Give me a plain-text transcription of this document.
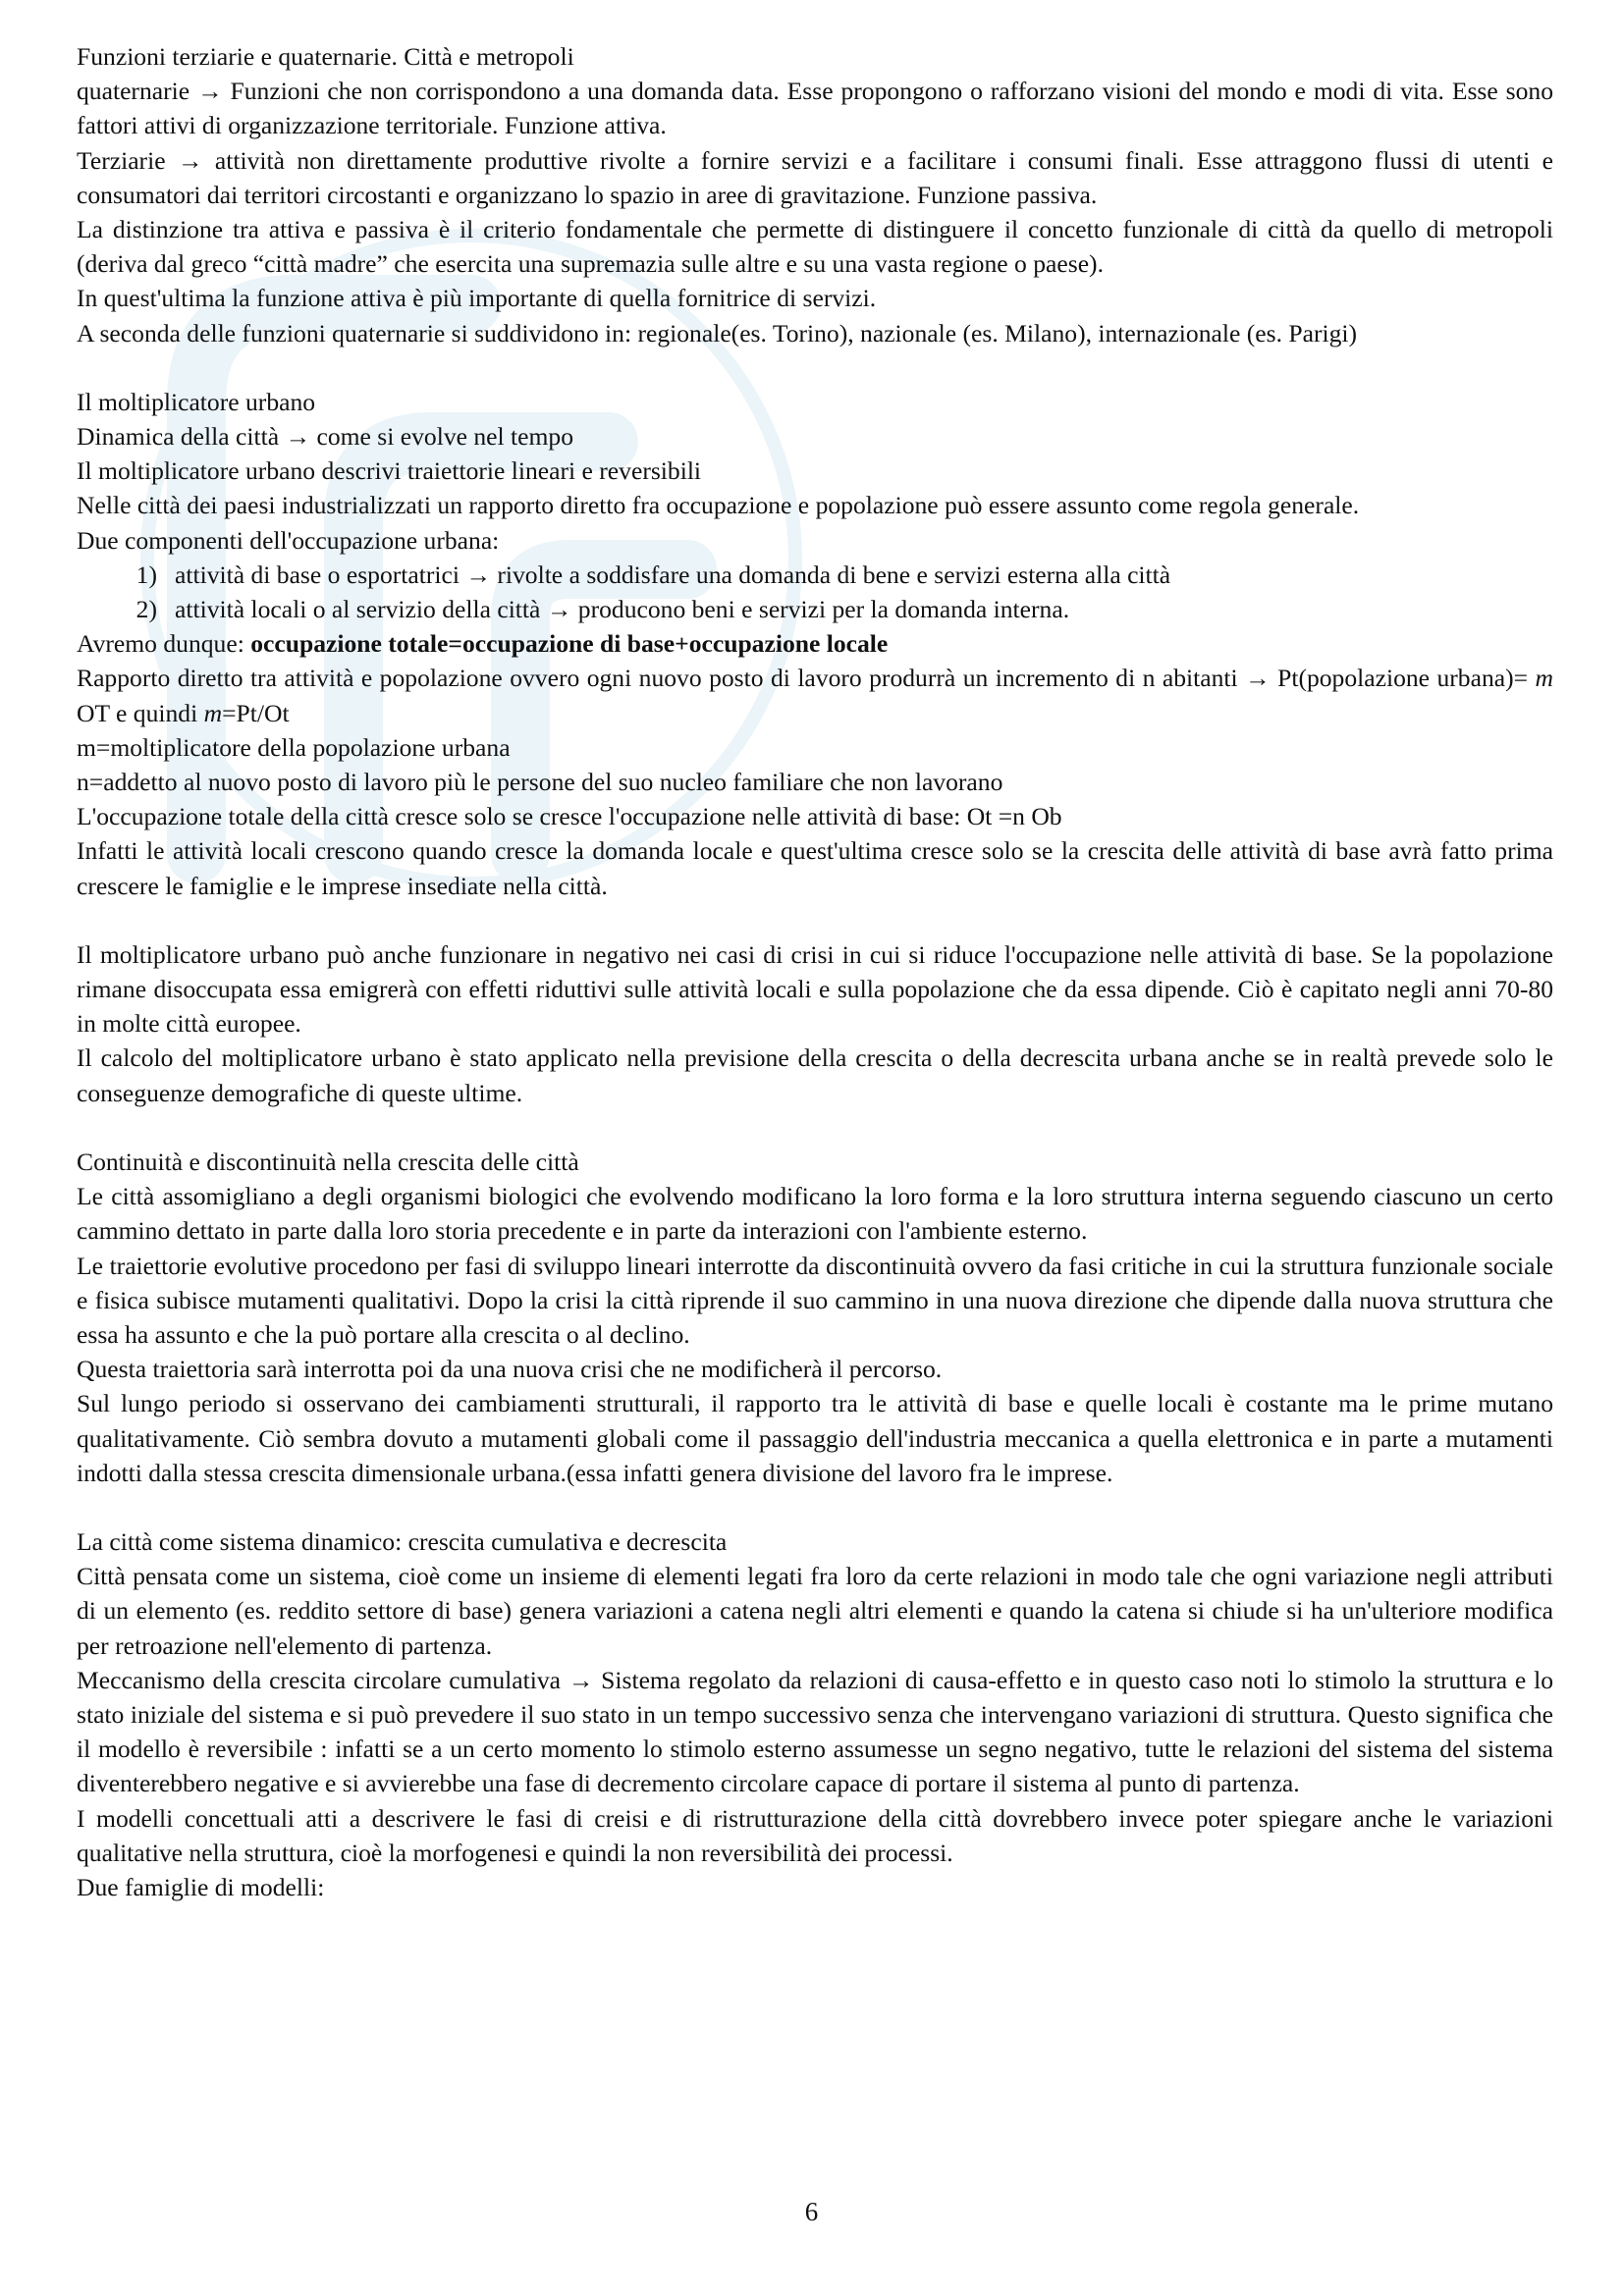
Funzioni terziarie e quaternarie. Città e metropoli

quaternarie → Funzioni che non corrispondono a una domanda data. Esse propongono o rafforzano visioni del mondo e modi di vita. Esse sono fattori attivi di organizzazione territoriale. Funzione attiva.

Terziarie → attività non direttamente produttive rivolte a fornire servizi e a facilitare i consumi finali. Esse attraggono flussi di utenti e consumatori dai territori circostanti e organizzano lo spazio in aree di gravitazione. Funzione passiva.

La distinzione tra attiva e passiva è il criterio fondamentale che permette di distinguere il concetto funzionale di città da quello di metropoli (deriva dal greco “città madre” che esercita una supremazia sulle altre e su una vasta regione o paese).

In quest'ultima la funzione attiva è più importante di quella fornitrice di servizi.

A seconda delle funzioni quaternarie si suddividono in: regionale(es. Torino), nazionale (es. Milano), internazionale (es. Parigi)

Il moltiplicatore urbano

Dinamica della città → come si evolve nel tempo

Il moltiplicatore urbano descrivi traiettorie lineari e reversibili

Nelle città dei paesi industrializzati un rapporto diretto fra occupazione e popolazione può essere assunto come regola generale.

Due componenti dell'occupazione urbana:

1) attività di base o esportatrici → rivolte a soddisfare una domanda di bene e servizi esterna alla città
2) attività locali o al servizio della città → producono beni e servizi per la domanda interna.

Avremo dunque: occupazione totale=occupazione di base+occupazione locale

Rapporto diretto tra attività e popolazione ovvero ogni nuovo posto di lavoro produrrà un incremento di n abitanti → Pt(popolazione urbana)= m OT e quindi m=Pt/Ot

m=moltiplicatore della popolazione urbana

n=addetto al nuovo posto di lavoro più le persone del suo nucleo familiare che non lavorano

L'occupazione totale della città cresce solo se cresce l'occupazione nelle attività di base: Ot =n Ob

Infatti le attività locali crescono quando cresce la domanda locale e quest'ultima cresce solo se la crescita delle attività di base avrà fatto prima crescere le famiglie e le imprese insediate nella città.

Il moltiplicatore urbano può anche funzionare in negativo nei casi di crisi in cui si riduce l'occupazione nelle attività di base. Se la popolazione rimane disoccupata essa emigrerà con effetti riduttivi sulle attività locali e sulla popolazione che da essa dipende. Ciò è capitato negli anni 70-80 in molte città europee.

Il calcolo del moltiplicatore urbano è stato applicato nella previsione della crescita o della decrescita urbana anche se in realtà prevede solo le conseguenze demografiche di queste ultime.

Continuità e discontinuità nella crescita delle città

Le città assomigliano a degli organismi biologici che evolvendo modificano la loro forma e la loro struttura interna seguendo ciascuno un certo cammino dettato in parte dalla loro storia precedente e in parte da interazioni con l'ambiente esterno.

Le traiettorie evolutive procedono per fasi di sviluppo lineari interrotte da discontinuità ovvero da fasi critiche in cui la struttura funzionale sociale e fisica subisce mutamenti qualitativi. Dopo la crisi la città riprende il suo cammino in una nuova direzione che dipende dalla nuova struttura che essa ha assunto e che la può portare alla crescita o al declino.

Questa traiettoria sarà interrotta poi da una nuova crisi che ne modificherà il percorso.

Sul lungo periodo si osservano dei cambiamenti strutturali, il rapporto tra le attività di base e quelle locali è costante ma le prime mutano qualitativamente. Ciò sembra dovuto a mutamenti globali come il passaggio dell'industria meccanica a quella elettronica e in parte a mutamenti indotti dalla stessa crescita dimensionale urbana.(essa infatti genera divisione del lavoro fra le imprese.

La città come sistema dinamico: crescita cumulativa e decrescita

Città pensata come un sistema, cioè come un insieme di elementi legati fra loro da certe relazioni in modo tale che ogni variazione negli attributi di un elemento (es. reddito settore di base) genera variazioni a catena negli altri elementi e quando la catena si chiude si ha un'ulteriore modifica per retroazione nell'elemento di partenza.

Meccanismo della crescita circolare cumulativa → Sistema regolato da relazioni di causa-effetto e in questo caso noti lo stimolo la struttura e lo stato iniziale del sistema e si può prevedere il suo stato in un tempo successivo senza che intervengano variazioni di struttura. Questo significa che il modello è reversibile : infatti se a un certo momento lo stimolo esterno assumesse un segno negativo, tutte le relazioni del sistema del sistema diventerebbero negative e si avvierebbe una fase di decremento circolare capace di portare il sistema al punto di partenza.

I modelli concettuali atti a descrivere le fasi di creisi e di ristrutturazione della città dovrebbero invece poter spiegare anche le variazioni qualitative nella struttura, cioè la morfogenesi e quindi la non reversibilità dei processi.

Due famiglie di modelli:

6
